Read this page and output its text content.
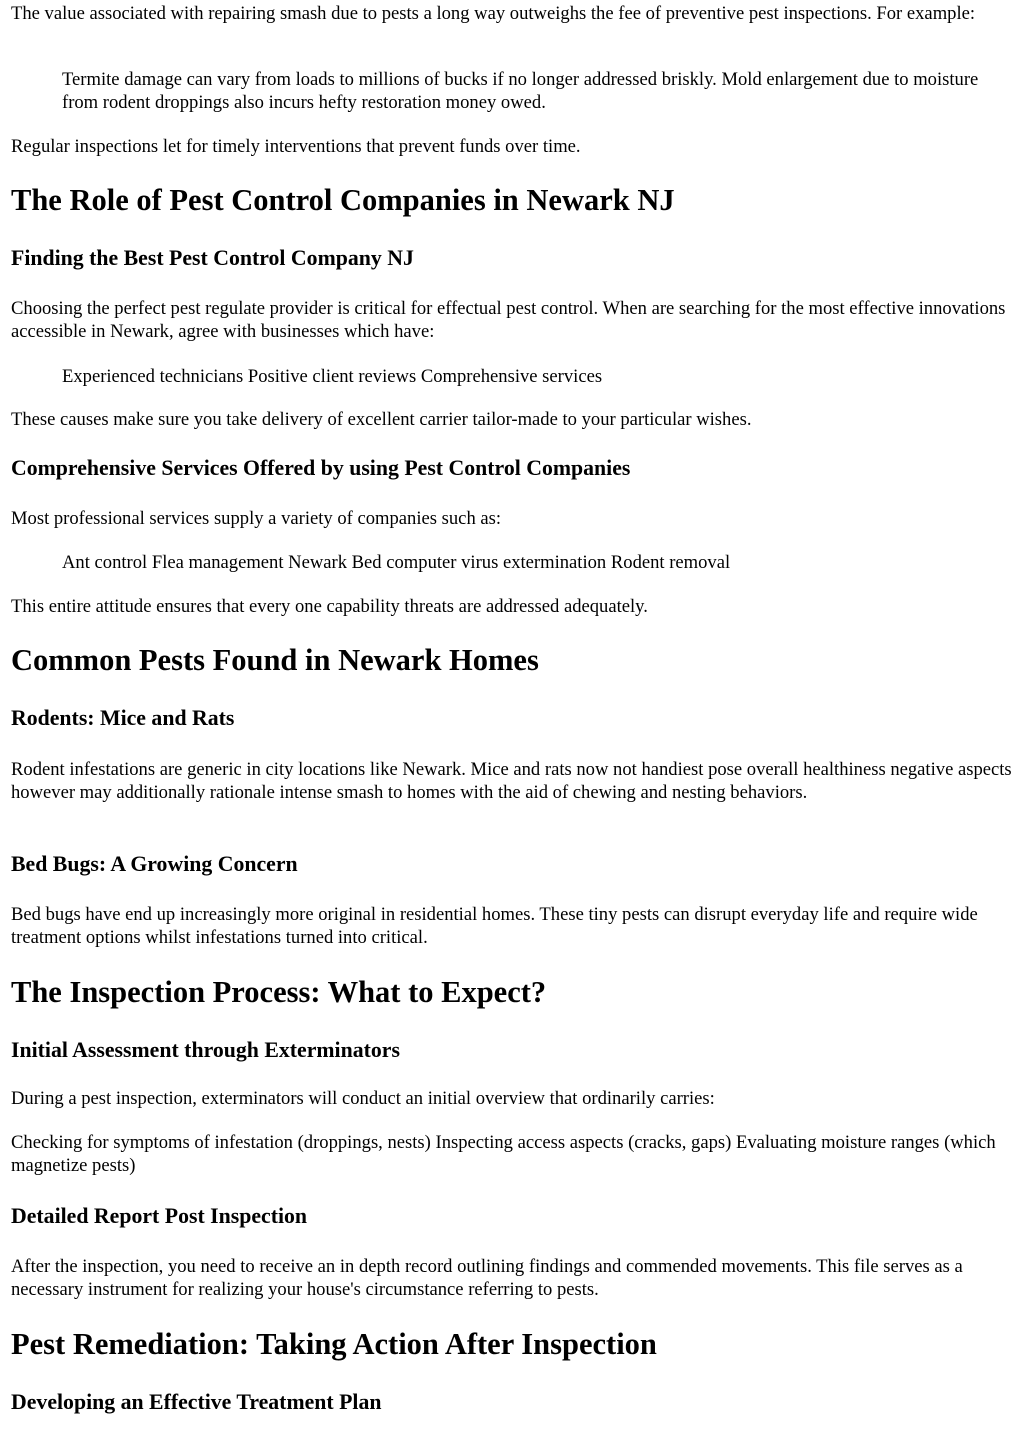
The value associated with repairing smash due to pests a long way outweighs the fee of preventive pest inspections. For example:

Termite damage can vary from loads to millions of bucks if no longer addressed briskly. Mold enlargement due to moisture from rodent droppings also incurs hefty restoration money owed.

Regular inspections let for timely interventions that prevent funds over time.

The Role of Pest Control Companies in Newark NJ
Finding the Best Pest Control Company NJ

Choosing the perfect pest regulate provider is critical for effectual pest control. When are searching for the most effective innovations accessible in Newark, agree with businesses which have:

Experienced technicians Positive client reviews Comprehensive services

These causes make sure you take delivery of excellent carrier tailor-made to your particular wishes.

Comprehensive Services Offered by using Pest Control Companies

Most professional services supply a variety of companies such as:

Ant control Flea management Newark Bed computer virus extermination Rodent removal

This entire attitude ensures that every one capability threats are addressed adequately.

Common Pests Found in Newark Homes
Rodents: Mice and Rats

Rodent infestations are generic in city locations like Newark. Mice and rats now not handiest pose overall healthiness negative aspects however may additionally rationale intense smash to homes with the aid of chewing and nesting behaviors.

Bed Bugs: A Growing Concern

Bed bugs have end up increasingly more original in residential homes. These tiny pests can disrupt everyday life and require wide treatment options whilst infestations turned into critical.

The Inspection Process: What to Expect?
Initial Assessment through Exterminators

During a pest inspection, exterminators will conduct an initial overview that ordinarily carries:

Checking for symptoms of infestation (droppings, nests) Inspecting access aspects (cracks, gaps) Evaluating moisture ranges (which magnetize pests)

Detailed Report Post Inspection

After the inspection, you need to receive an in depth record outlining findings and commended movements. This file serves as a necessary instrument for realizing your house's circumstance referring to pests.

Pest Remediation: Taking Action After Inspection
Developing an Effective Treatment Plan
